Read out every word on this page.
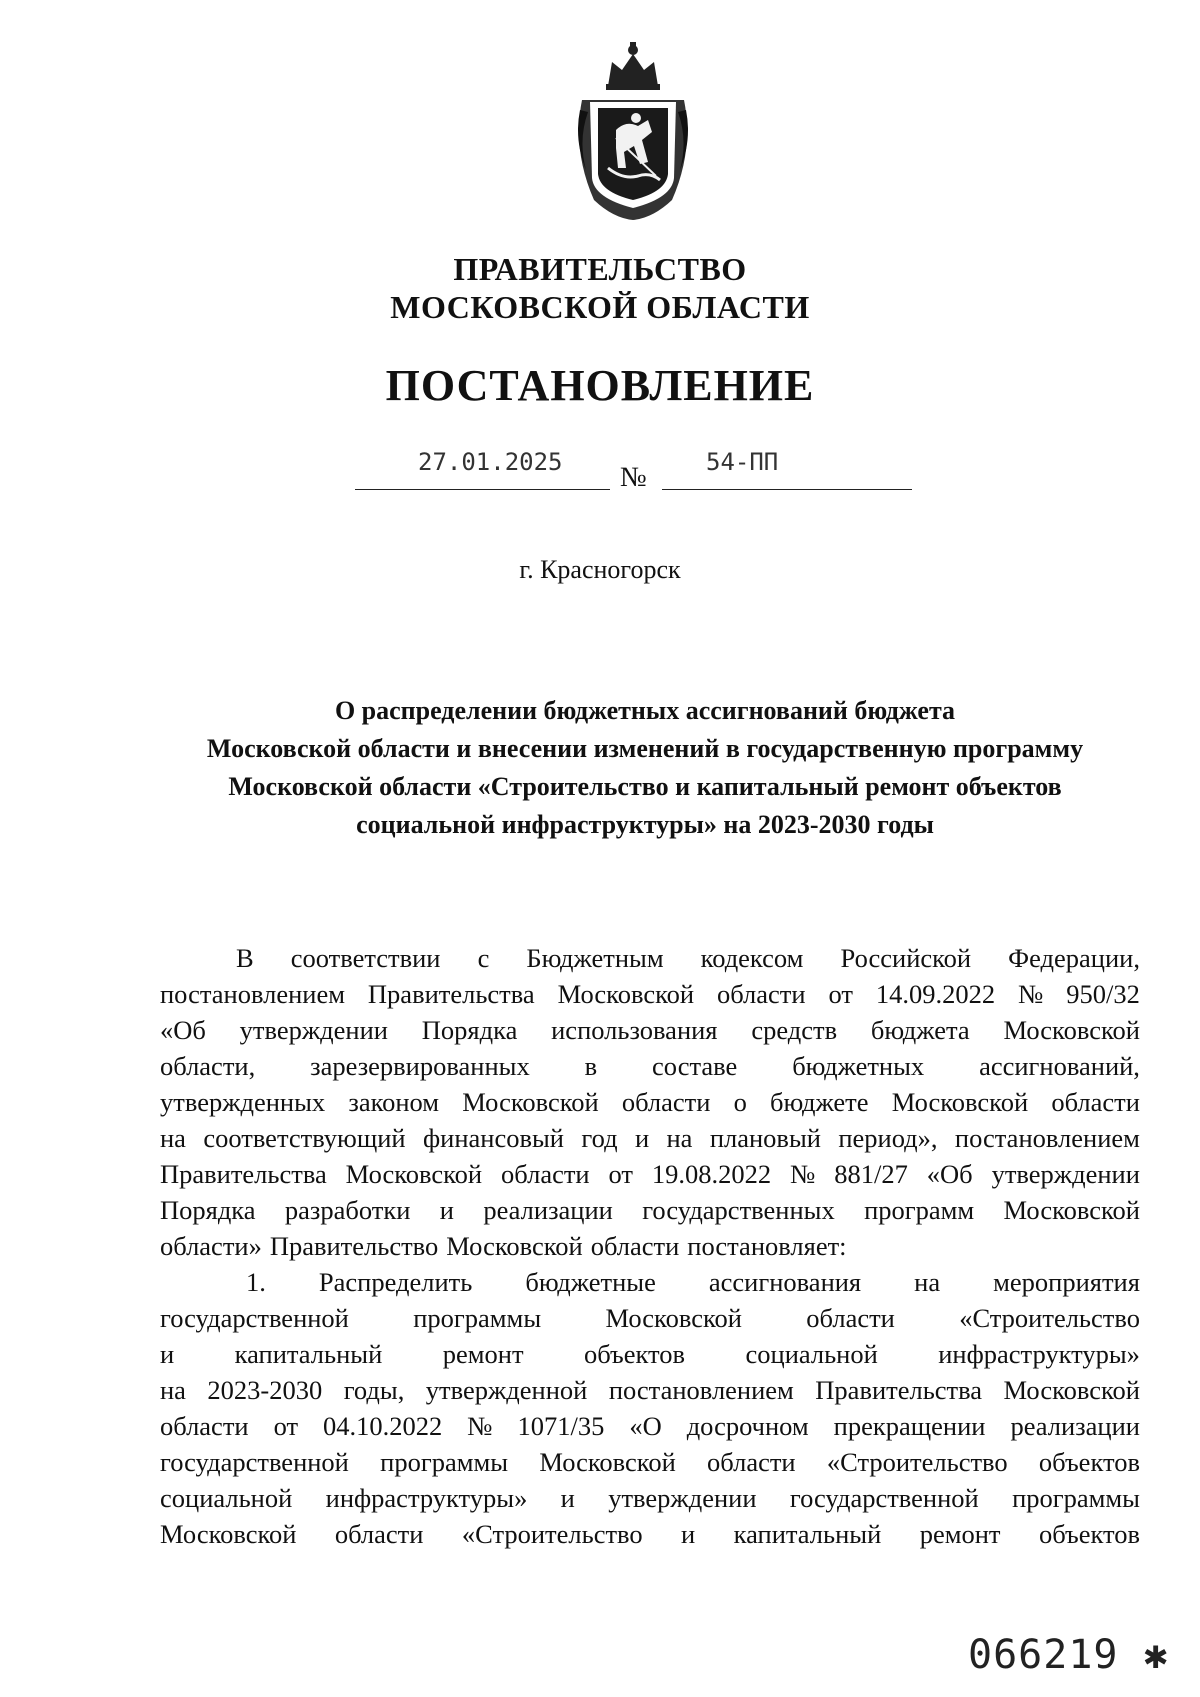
ПРАВИТЕЛЬСТВО
МОСКОВСКОЙ ОБЛАСТИ
ПОСТАНОВЛЕНИЕ
27.01.2025 № 54-ПП
г. Красногорск
О распределении бюджетных ассигнований бюджета
Московской области и внесении изменений в государственную программу
Московской области «Строительство и капитальный ремонт объектов
социальной инфраструктуры» на 2023-2030 годы
В соответствии с Бюджетным кодексом Российской Федерации,
постановлением Правительства Московской области от 14.09.2022 № 950/32
«Об утверждении Порядка использования средств бюджета Московской
области, зарезервированных в составе бюджетных ассигнований,
утвержденных законом Московской области о бюджете Московской области
на соответствующий финансовый год и на плановый период», постановлением
Правительства Московской области от 19.08.2022 № 881/27 «Об утверждении
Порядка разработки и реализации государственных программ Московской
области» Правительство Московской области постановляет:
1. Распределить бюджетные ассигнования на мероприятия
государственной программы Московской области «Строительство
и капитальный ремонт объектов социальной инфраструктуры»
на 2023-2030 годы, утвержденной постановлением Правительства Московской
области от 04.10.2022 № 1071/35 «О досрочном прекращении реализации
государственной программы Московской области «Строительство объектов
социальной инфраструктуры» и утверждении государственной программы
Московской области «Строительство и капитальный ремонт объектов
066219 ✱
